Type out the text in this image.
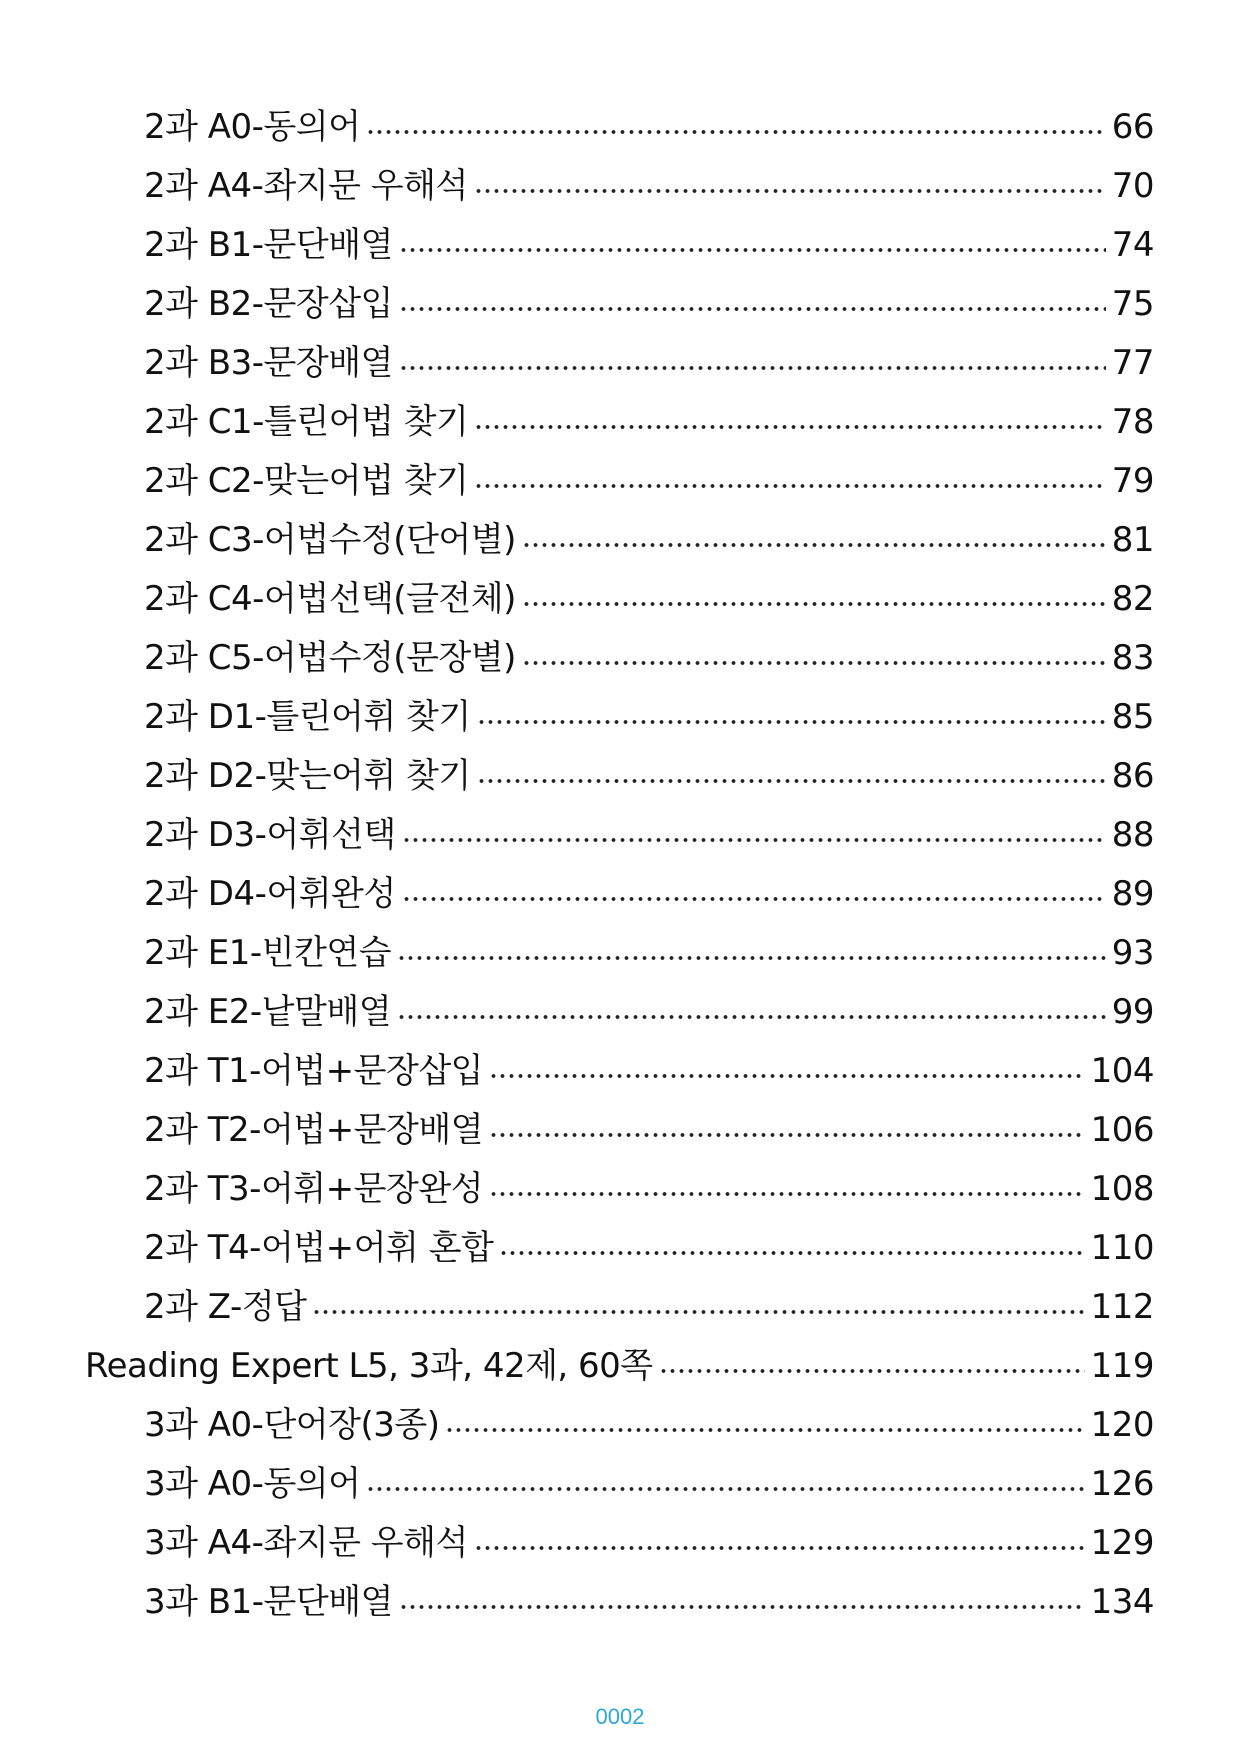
2과 A0-동의어	66
2과 A4-좌지문 우해석	70
2과 B1-문단배열	74
2과 B2-문장삽입	75
2과 B3-문장배열	77
2과 C1-틀린어법 찾기	78
2과 C2-맞는어법 찾기	79
2과 C3-어법수정(단어별)	81
2과 C4-어법선택(글전체)	82
2과 C5-어법수정(문장별)	83
2과 D1-틀린어휘 찾기	85
2과 D2-맞는어휘 찾기	86
2과 D3-어휘선택	88
2과 D4-어휘완성	89
2과 E1-빈칸연습	93
2과 E2-낱말배열	99
2과 T1-어법+문장삽입	104
2과 T2-어법+문장배열	106
2과 T3-어휘+문장완성	108
2과 T4-어법+어휘 혼합	110
2과 Z-정답	112
Reading Expert L5, 3과, 42제, 60쪽	119
3과 A0-단어장(3종)	120
3과 A0-동의어	126
3과 A4-좌지문 우해석	129
3과 B1-문단배열	134
0002
